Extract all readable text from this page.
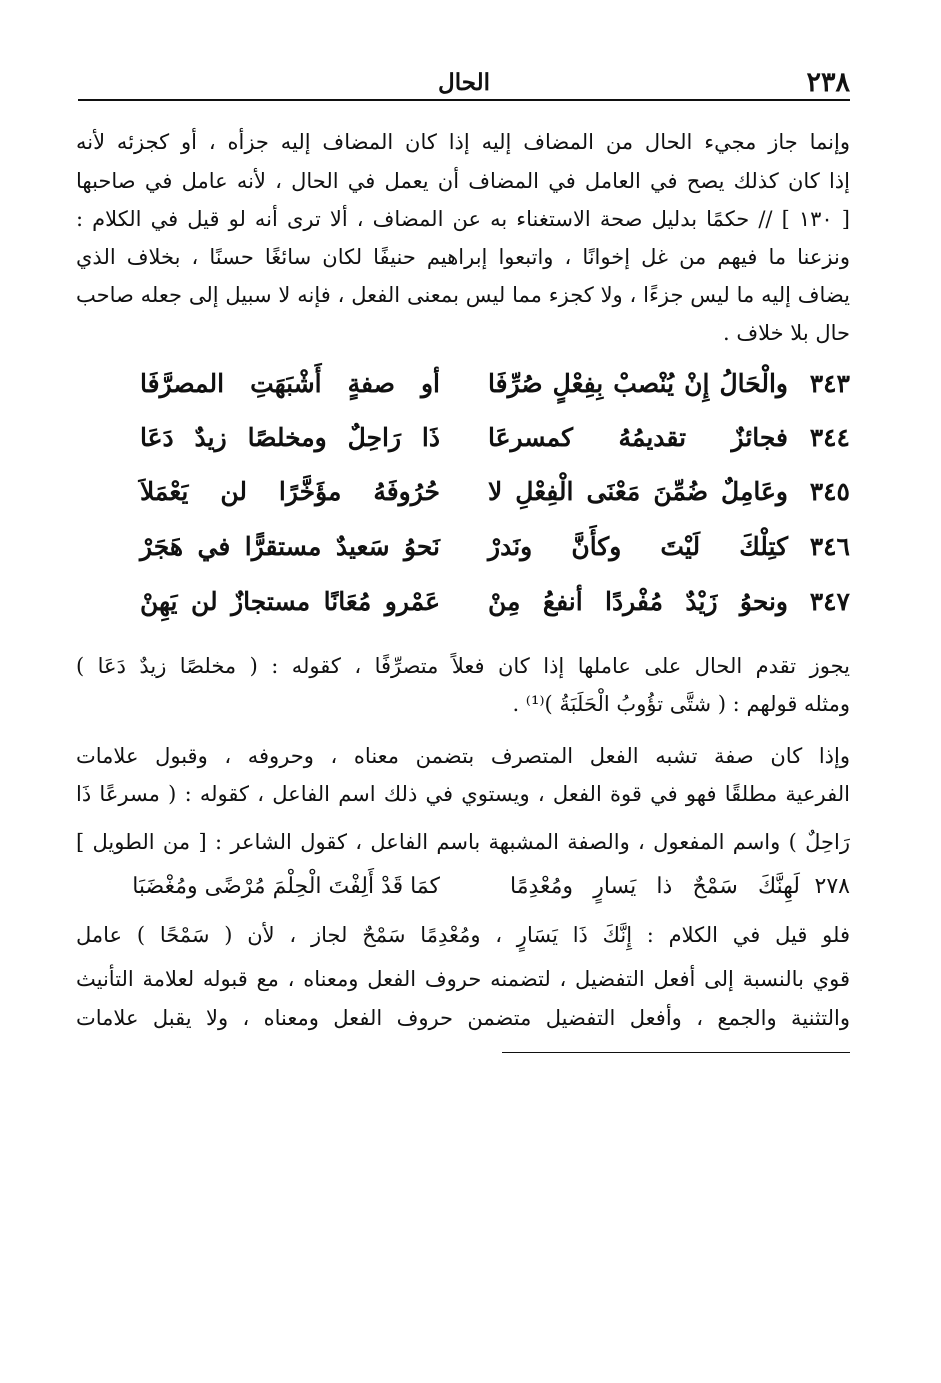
٢٣٨
الحال
وإنما جاز مجيء الحال من المضاف إليه إذا كان المضاف إليه جزأه ، أو كجزئه لأنه
إذا كان كذلك يصح في العامل في المضاف أن يعمل في الحال ، لأنه عامل في صاحبها
[ ١٣٠ ] // حكمًا بدليل صحة الاستغناء به عن المضاف ، ألا ترى أنه لو قيل في الكلام :
ونزعنا ما فيهم من غل إخوانًا ، واتبعوا إبراهيم حنيفًا لكان سائغًا حسنًا ، بخلاف الذي
يضاف إليه ما ليس جزءًا ، ولا كجزء مما ليس بمعنى الفعل ، فإنه لا سبيل إلى جعله صاحب
حال بلا خلاف .
٣٤٣
والْحَالُ إِنْ يُنْصبْ بِفِعْلٍ صُرِّفَا
أو صفةٍ أَشْبَهَتِ المصرَّفَا
٣٤٤
فجائزٌ تقديمُهُ كمسرعَا
ذَا رَاحِلٌ ومخلصًا زيدٌ دَعَا
٣٤٥
وعَامِلٌ ضُمِّنَ مَعْنَى الْفِعْلِ لا
حُرُوفَهُ مؤَخَّرًا لن يَعْمَلاَ
٣٤٦
كتِلْكَ لَيْتَ وكأَنَّ ونَدرْ
نَحوُ سَعيدٌ مستقرًّا في هَجَرْ
٣٤٧
ونحوُ زَيْدٌ مُفْردًا أنفعُ مِنْ
عَمْرو مُعَانًا مستجازٌ لن يَهِنْ
يجوز تقدم الحال على عاملها إذا كان فعلاً متصرِّفًا ، كقوله : ( مخلصًا زيدٌ دَعَا )
ومثله قولهم : ( شتَّى تؤُوبُ الْحَلَبَةُ )⁽¹⁾ .
وإذا كان صفة تشبه الفعل المتصرف بتضمن معناه ، وحروفه ، وقبول علامات
الفرعية مطلقًا فهو في قوة الفعل ، ويستوي في ذلك اسم الفاعل ، كقوله : ( مسرعًا ذَا
رَاحِلٌ ) واسم المفعول ، والصفة المشبهة باسم الفاعل ، كقول الشاعر : [ من الطويل ]
٢٧٨
لَهِنَّكَ سَمْحٌ ذا يَسارٍ ومُعْدِمًا
كمَا قَدْ أَلِفْتَ الْحِلْمَ مُرْضًى ومُغْضَبَا
فلو قيل في الكلام : إِنَّكَ ذَا يَسَارٍ ، ومُعْدِمًا سَمْحٌ لجاز ، لأن ( سَمْحًا ) عامل
قوي بالنسبة إلى أفعل التفضيل ، لتضمنه حروف الفعل ومعناه ، مع قبوله لعلامة التأنيث
والتثنية والجمع ، وأفعل التفضيل متضمن حروف الفعل ومعناه ، ولا يقبل علامات
